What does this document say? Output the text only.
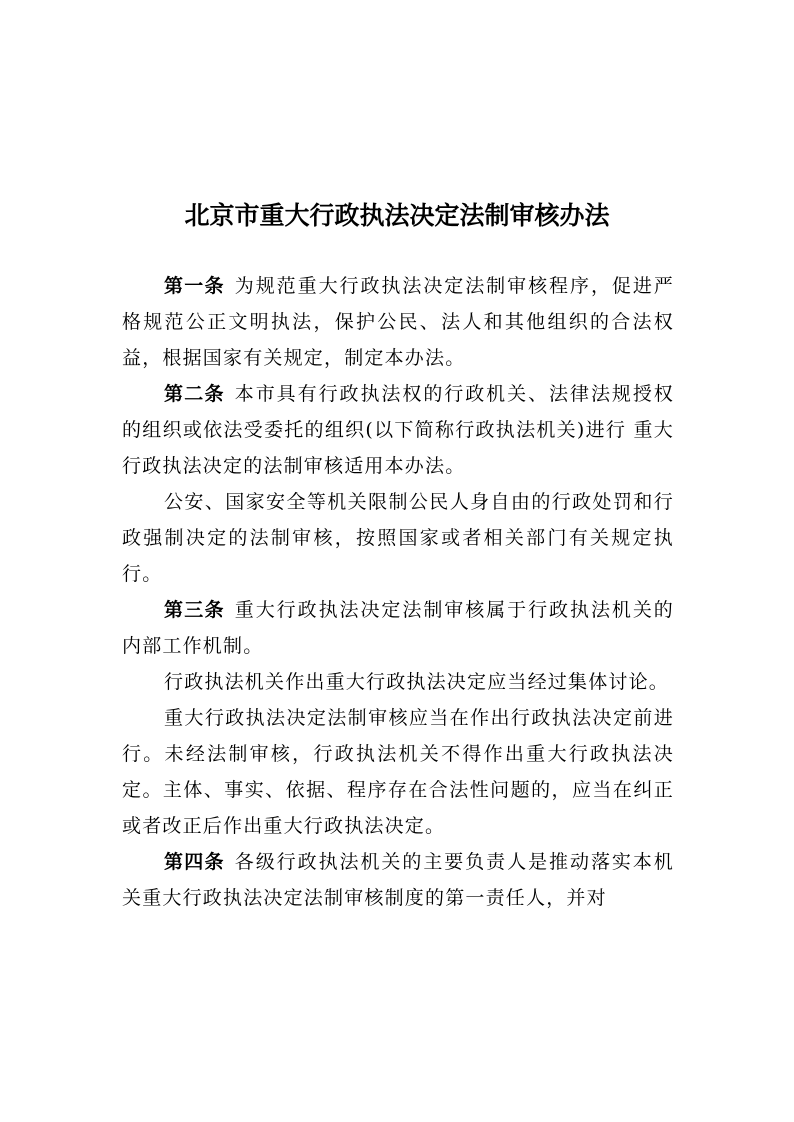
北京市重大行政执法决定法制审核办法

第一条 为规范重大行政执法决定法制审核程序，促进严格规范公正文明执法，保护公民、法人和其他组织的合法权益，根据国家有关规定，制定本办法。

第二条 本市具有行政执法权的行政机关、法律法规授权的组织或依法受委托的组织(以下简称行政执法机关)进行 重大行政执法决定的法制审核适用本办法。

公安、国家安全等机关限制公民人身自由的行政处罚和行政强制决定的法制审核，按照国家或者相关部门有关规定执行。

第三条 重大行政执法决定法制审核属于行政执法机关的内部工作机制。

行政执法机关作出重大行政执法决定应当经过集体讨论。

重大行政执法决定法制审核应当在作出行政执法决定前进行。未经法制审核，行政执法机关不得作出重大行政执法决定。主体、事实、依据、程序存在合法性问题的，应当在纠正或者改正后作出重大行政执法决定。

第四条 各级行政执法机关的主要负责人是推动落实本机关重大行政执法决定法制审核制度的第一责任人，并对
